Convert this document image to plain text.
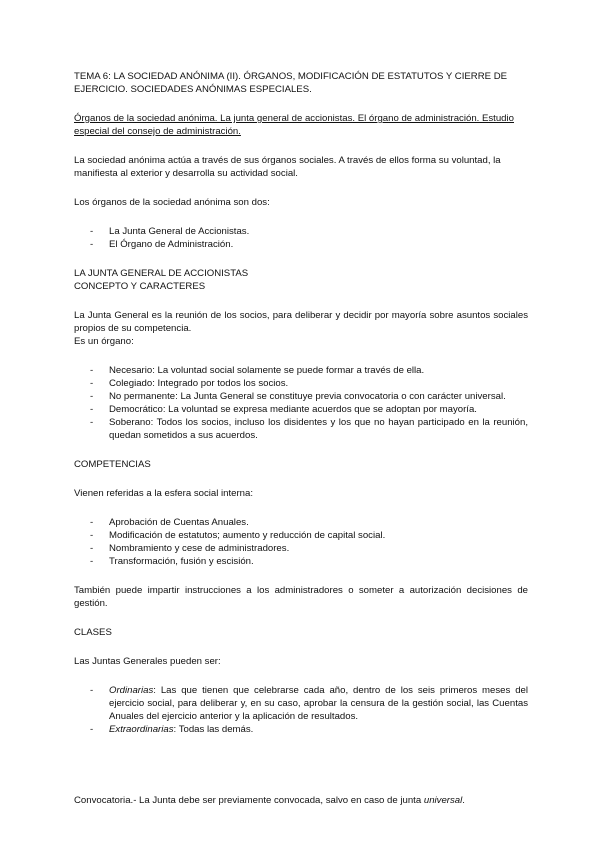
TEMA 6: LA SOCIEDAD ANÓNIMA (II). ÓRGANOS, MODIFICACIÓN DE ESTATUTOS Y CIERRE DE EJERCICIO. SOCIEDADES ANÓNIMAS ESPECIALES.

Órganos de la sociedad anónima. La junta general de accionistas. El órgano de administración. Estudio especial del consejo de administración.

La sociedad anónima actúa a través de sus órganos sociales. A través de ellos forma su voluntad, la manifiesta al exterior y desarrolla su actividad social.

Los órganos de la sociedad anónima son dos:

- La Junta General de Accionistas.
- El Órgano de Administración.

LA JUNTA GENERAL DE ACCIONISTAS

CONCEPTO Y CARACTERES

La Junta General es la reunión de los socios, para deliberar y decidir por mayoría sobre asuntos sociales propios de su competencia.

Es un órgano:

- Necesario: La voluntad social solamente se puede formar a través de ella.
- Colegiado: Integrado por todos los socios.
- No permanente: La Junta General se constituye previa convocatoria o con carácter universal.
- Democrático: La voluntad se expresa mediante acuerdos que se adoptan por mayoría.
- Soberano: Todos los socios, incluso los disidentes y los que no hayan participado en la reunión, quedan sometidos a sus acuerdos.

COMPETENCIAS

Vienen referidas a la esfera social interna:

- Aprobación de Cuentas Anuales.
- Modificación de estatutos; aumento y reducción de capital social.
- Nombramiento y cese de administradores.
- Transformación, fusión y escisión.

También puede impartir instrucciones a los administradores o someter a autorización decisiones de gestión.

CLASES

Las Juntas Generales pueden ser:

- Ordinarias: Las que tienen que celebrarse cada año, dentro de los seis primeros meses del ejercicio social, para deliberar y, en su caso, aprobar la censura de la gestión social, las Cuentas Anuales del ejercicio anterior y la aplicación de resultados.
- Extraordinarias: Todas las demás.

Convocatoria.- La Junta debe ser previamente convocada, salvo en caso de junta universal.
